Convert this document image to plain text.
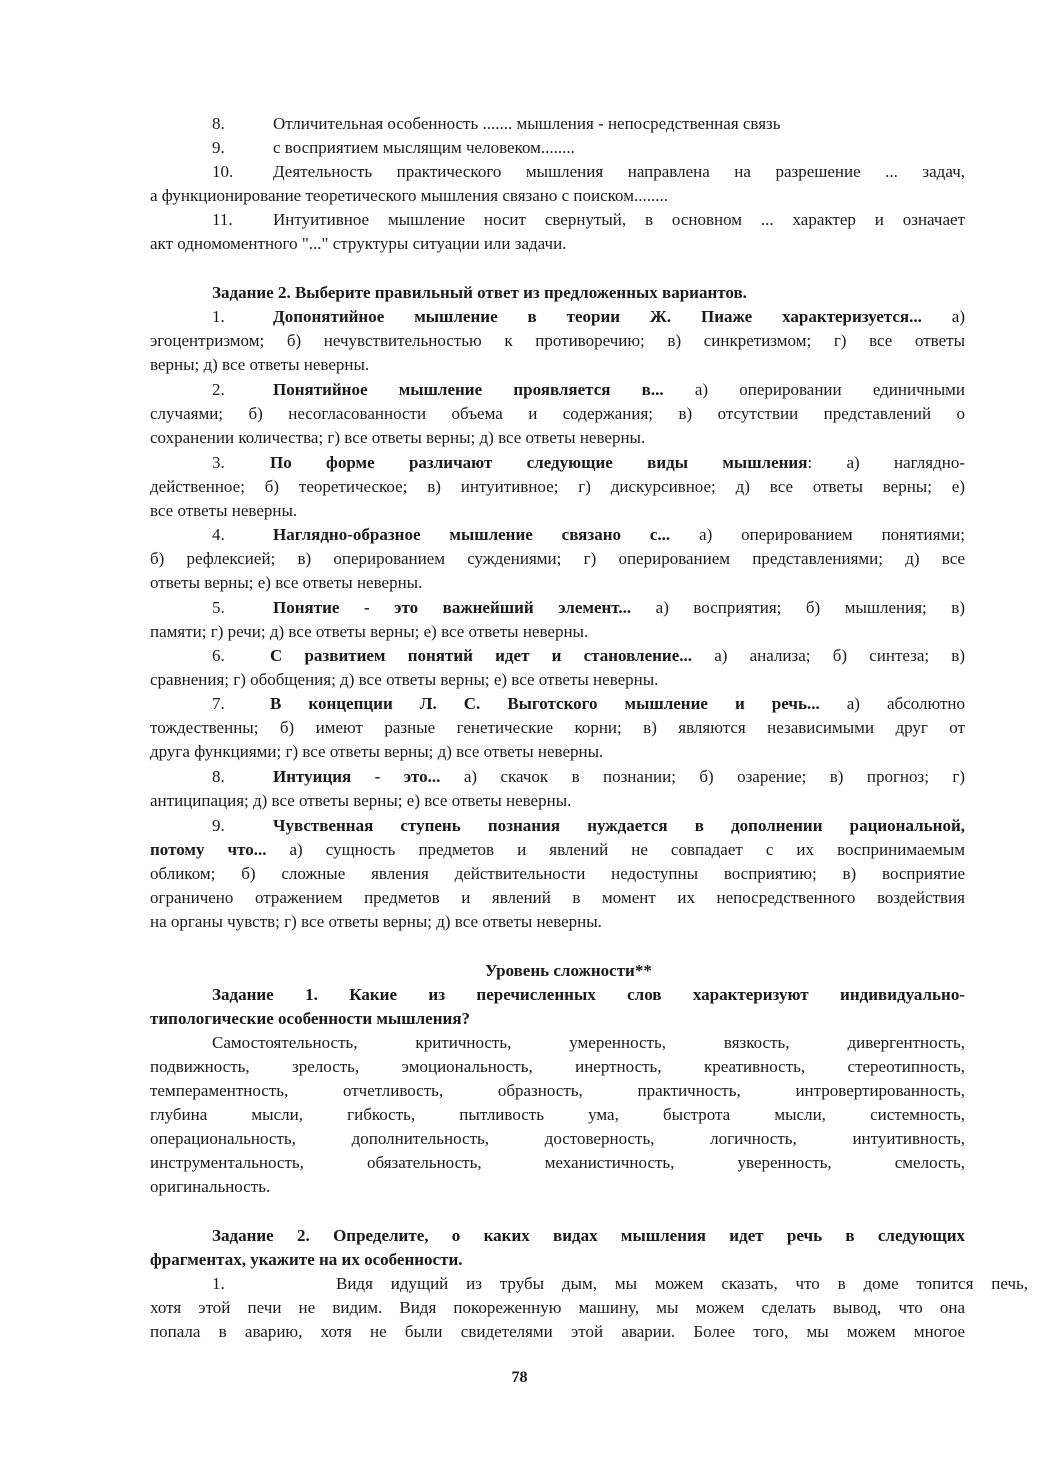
8.	Отличительная особенность ....... мышления - непосредственная связь
9.	с восприятием мыслящим человеком........
10. Деятельность практического мышления направлена на разрешение ... задач,
а функционирование теоретического мышления связано с поиском........
11. Интуитивное мышление носит свернутый, в основном ... характер и означает
акт одномоментного "..." структуры ситуации или задачи.
Задание 2. Выберите правильный ответ из предложенных вариантов.
1.	Допонятийное мышление в теории Ж. Пиаже характеризуется... а)
эгоцентризмом; б) нечувствительностью к противоречию; в) синкретизмом; г) все ответы
верны; д) все ответы неверны.
2.	Понятийное мышление проявляется в... а) оперировании единичными
случаями; б) несогласованности объема и содержания; в) отсутствии представлений о
сохранении количества; г) все ответы верны; д) все ответы неверны.
3.	По форме различают следующие виды мышления: а) наглядно-
действенное; б) теоретическое; в) интуитивное; г) дискурсивное; д) все ответы верны; е)
все ответы неверны.
4.	Наглядно-образное мышление связано с... а) оперированием понятиями;
б) рефлексией; в) оперированием суждениями; г) оперированием представлениями; д) все
ответы верны; е) все ответы неверны.
5.	Понятие - это важнейший элемент... а) восприятия; б) мышления; в)
памяти; г) речи; д) все ответы верны; е) все ответы неверны.
6.	С развитием понятий идет и становление... а) анализа; б) синтеза; в)
сравнения; г) обобщения; д) все ответы верны; е) все ответы неверны.
7.	В концепции Л. С. Выготского мышление и речь... а) абсолютно
тождественны; б) имеют разные генетические корни; в) являются независимыми друг от
друга функциями; г) все ответы верны; д) все ответы неверны.
8.	Интуиция - это... а) скачок в познании; б) озарение; в) прогноз; г)
антиципация; д) все ответы верны; е) все ответы неверны.
9.	Чувственная ступень познания нуждается в дополнении рациональной,
потому что... а) сущность предметов и явлений не совпадает с их воспринимаемым
обликом; б) сложные явления действительности недоступны восприятию; в) восприятие
ограничено отражением предметов и явлений в момент их непосредственного воздействия
на органы чувств; г) все ответы верны; д) все ответы неверны.
Уровень сложности**
Задание 1. Какие из перечисленных слов характеризуют индивидуально-
типологические особенности мышления?
Самостоятельность, критичность, умеренность, вязкость, дивергентность,
подвижность, зрелость, эмоциональность, инертность, креативность, стереотипность,
темпераментность, отчетливость, образность, практичность, интровертированность,
глубина мысли, гибкость, пытливость ума, быстрота мысли, системность,
операциональность, дополнительность, достоверность, логичность, интуитивность,
инструментальность, обязательность, механистичность, уверенность, смелость,
оригинальность.
Задание 2. Определите, о каких видах мышления идет речь в следующих
фрагментах, укажите на их особенности.
1.	Видя идущий из трубы дым, мы можем сказать, что в доме топится печь,
хотя этой печи не видим. Видя покореженную машину, мы можем сделать вывод, что она
попала в аварию, хотя не были свидетелями этой аварии. Более того, мы можем многое
78
